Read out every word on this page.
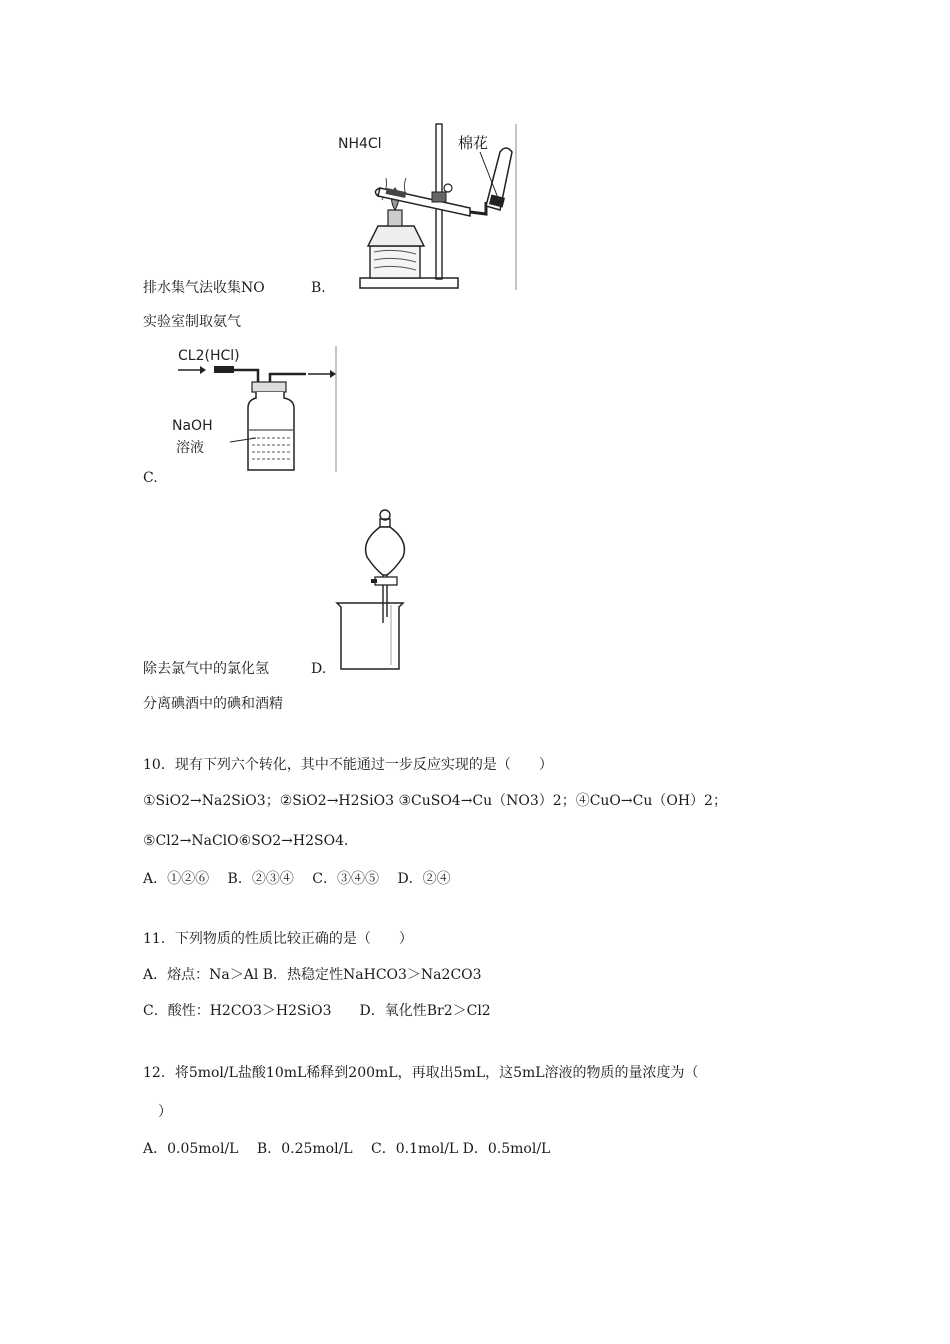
NH4Cl	棉花
排水集气法收集NO	B.
实验室制取氨气
CL2(HCl)
NaOH
溶液
C.
除去氯气中的氯化氢	D.
分离碘酒中的碘和酒精
10．现有下列六个转化，其中不能通过一步反应实现的是（　　）
①SiO2→Na2SiO3；②SiO2→H2SiO3 ③CuSO4→Cu（NO3）2；④CuO→Cu（OH）2；
⑤Cl2→NaClO⑥SO2→H2SO4．
A．①②⑥　 B．②③④　 C．③④⑤　 D．②④
11．下列物质的性质比较正确的是（　　）
A．熔点：Na＞Al B．热稳定性NaHCO3＞Na2CO3
C．酸性：H2CO3＞H2SiO3　　D．氧化性Br2＞Cl2
12．将5mol/L盐酸10mL稀释到200mL，再取出5mL，这5mL溶液的物质的量浓度为（
）
A．0.05mol/L　 B．0.25mol/L　 C．0.1mol/L D．0.5mol/L
